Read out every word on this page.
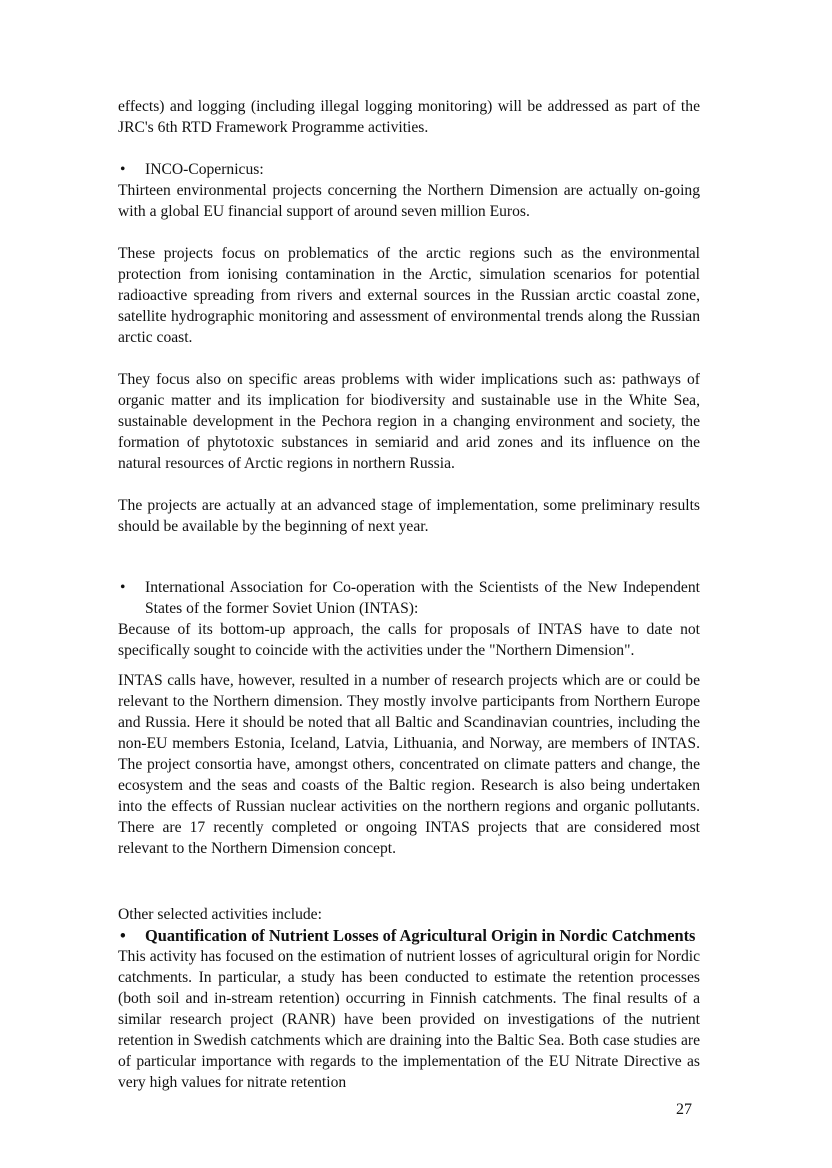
effects) and logging (including illegal logging monitoring) will be addressed as part of the JRC's 6th RTD Framework Programme activities.

• INCO-Copernicus:

Thirteen environmental projects concerning the Northern Dimension are actually on-going with a global EU financial support of around seven million Euros.

These projects focus on problematics of the arctic regions such as the environmental protection from ionising contamination in the Arctic, simulation scenarios for potential radioactive spreading from rivers and external sources in the Russian arctic coastal zone, satellite hydrographic monitoring and assessment of environmental trends along the Russian arctic coast.

They focus also on specific areas problems with wider implications such as: pathways of organic matter and its implication for biodiversity and sustainable use in the White Sea, sustainable development in the Pechora region in a changing environment and society, the formation of phytotoxic substances in semiarid and arid zones and its influence on the natural resources of Arctic regions in northern Russia.

The projects are actually at an advanced stage of implementation, some preliminary results should be available by the beginning of next year.

• International Association for Co-operation with the Scientists of the New Independent States of the former Soviet Union (INTAS):

Because of its bottom-up approach, the calls for proposals of INTAS have to date not specifically sought to coincide with the activities under the "Northern Dimension".

INTAS calls have, however, resulted in a number of research projects which are or could be relevant to the Northern dimension. They mostly involve participants from Northern Europe and Russia. Here it should be noted that all Baltic and Scandinavian countries, including the non-EU members Estonia, Iceland, Latvia, Lithuania, and Norway, are members of INTAS. The project consortia have, amongst others, concentrated on climate patters and change, the ecosystem and the seas and coasts of the Baltic region. Research is also being undertaken into the effects of Russian nuclear activities on the northern regions and organic pollutants. There are 17 recently completed or ongoing INTAS projects that are considered most relevant to the Northern Dimension concept.

Other selected activities include:

• Quantification of Nutrient Losses of Agricultural Origin in Nordic Catchments

This activity has focused on the estimation of nutrient losses of agricultural origin for Nordic catchments. In particular, a study has been conducted to estimate the retention processes (both soil and in-stream retention) occurring in Finnish catchments. The final results of a similar research project (RANR) have been provided on investigations of the nutrient retention in Swedish catchments which are draining into the Baltic Sea. Both case studies are of particular importance with regards to the implementation of the EU Nitrate Directive as very high values for nitrate retention

27
